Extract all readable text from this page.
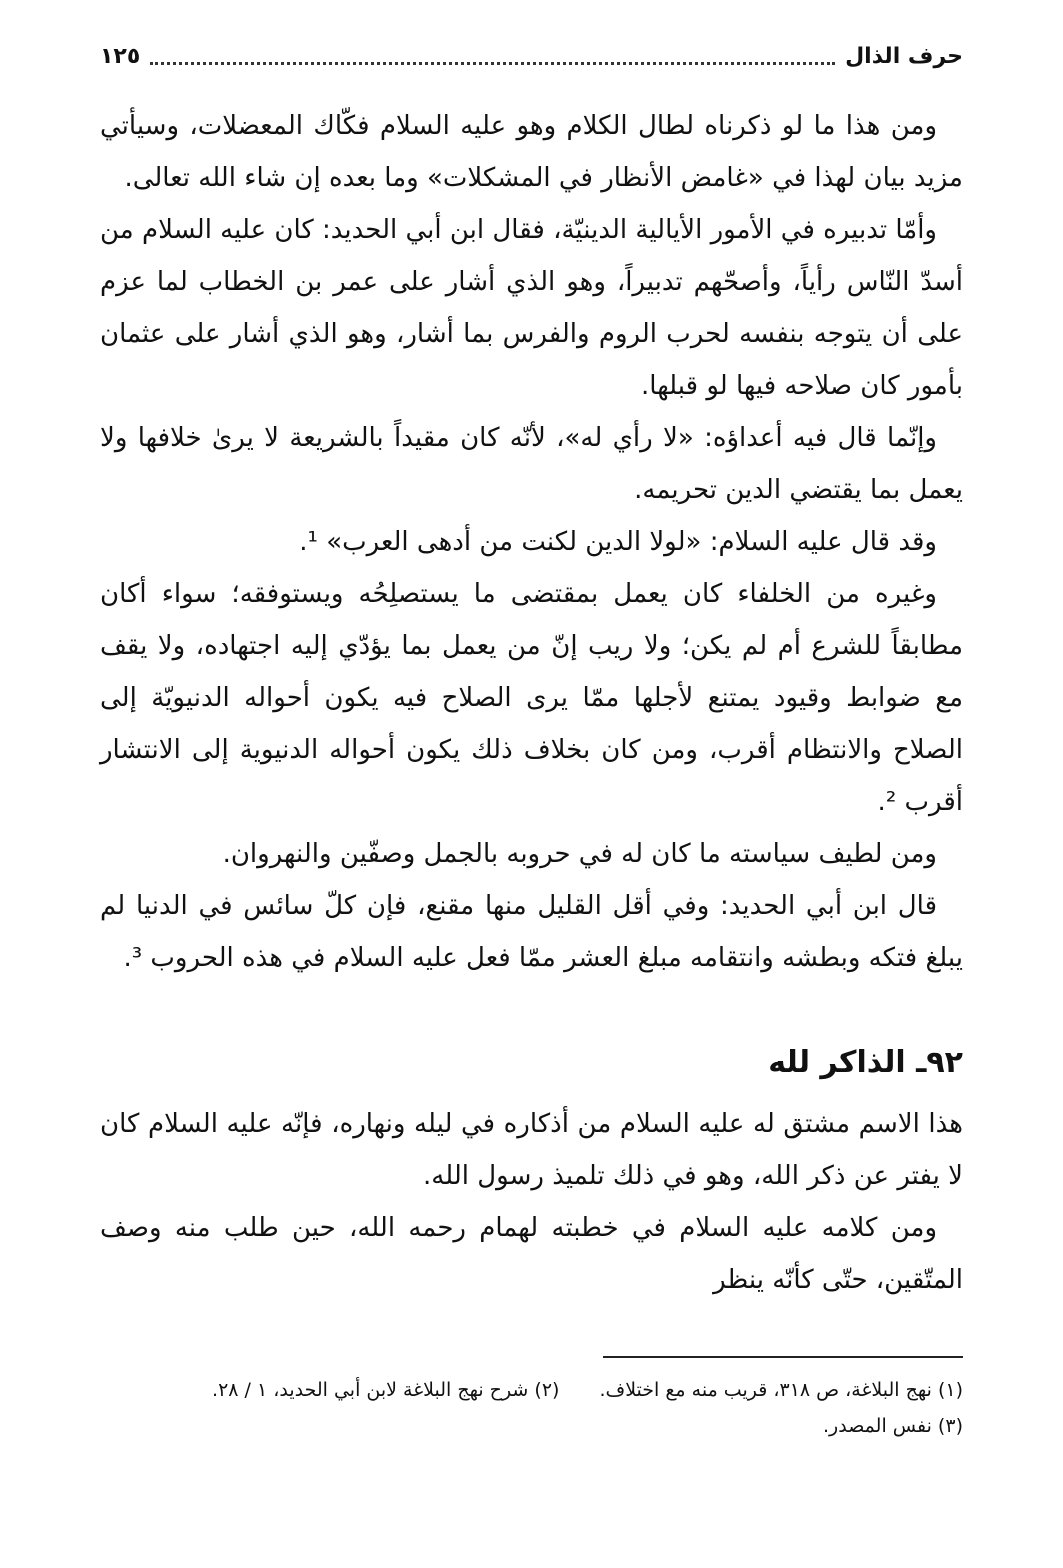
حرف الذال
١٢٥

ومن هذا ما لو ذكرناه لطال الكلام وهو عليه السلام فكّاك المعضلات، وسيأتي مزيد بيان لهذا في «غامض الأنظار في المشكلات» وما بعده إن شاء الله تعالى.

وأمّا تدبيره في الأمور الأيالية الدينيّة، فقال ابن أبي الحديد: كان عليه السلام من أسدّ النّاس رأياً، وأصحّهم تدبيراً، وهو الذي أشار على عمر بن الخطاب لما عزم على أن يتوجه بنفسه لحرب الروم والفرس بما أشار، وهو الذي أشار على عثمان بأمور كان صلاحه فيها لو قبلها.

وإنّما قال فيه أعداؤه: «لا رأي له»، لأنّه كان مقيداً بالشريعة لا يرىٰ خلافها ولا يعمل بما يقتضي الدين تحريمه.

وقد قال عليه السلام: «لولا الدين لكنت من أدهى العرب» ¹.

وغيره من الخلفاء كان يعمل بمقتضى ما يستصلِحُه ويستوفقه؛ سواء أكان مطابقاً للشرع أم لم يكن؛ ولا ريب إنّ من يعمل بما يؤدّي إليه اجتهاده، ولا يقف مع ضوابط وقيود يمتنع لأجلها ممّا يرى الصلاح فيه يكون أحواله الدنيويّة إلى الصلاح والانتظام أقرب، ومن كان بخلاف ذلك يكون أحواله الدنيوية إلى الانتشار أقرب ².

ومن لطيف سياسته ما كان له في حروبه بالجمل وصفّين والنهروان.

قال ابن أبي الحديد: وفي أقل القليل منها مقنع، فإن كلّ سائس في الدنيا لم يبلغ فتكه وبطشه وانتقامه مبلغ العشر ممّا فعل عليه السلام في هذه الحروب ³.

٩٢ـ الذاكر لله

هذا الاسم مشتق له عليه السلام من أذكاره في ليله ونهاره، فإنّه عليه السلام كان لا يفتر عن ذكر الله، وهو في ذلك تلميذ رسول الله.

ومن كلامه عليه السلام في خطبته لهمام رحمه الله، حين طلب منه وصف المتّقين، حتّى كأنّه ينظر

(١) نهج البلاغة، ص ٣١٨، قريب منه مع اختلاف.
(٢) شرح نهج البلاغة لابن أبي الحديد، ١ / ٢٨.
(٣) نفس المصدر.
